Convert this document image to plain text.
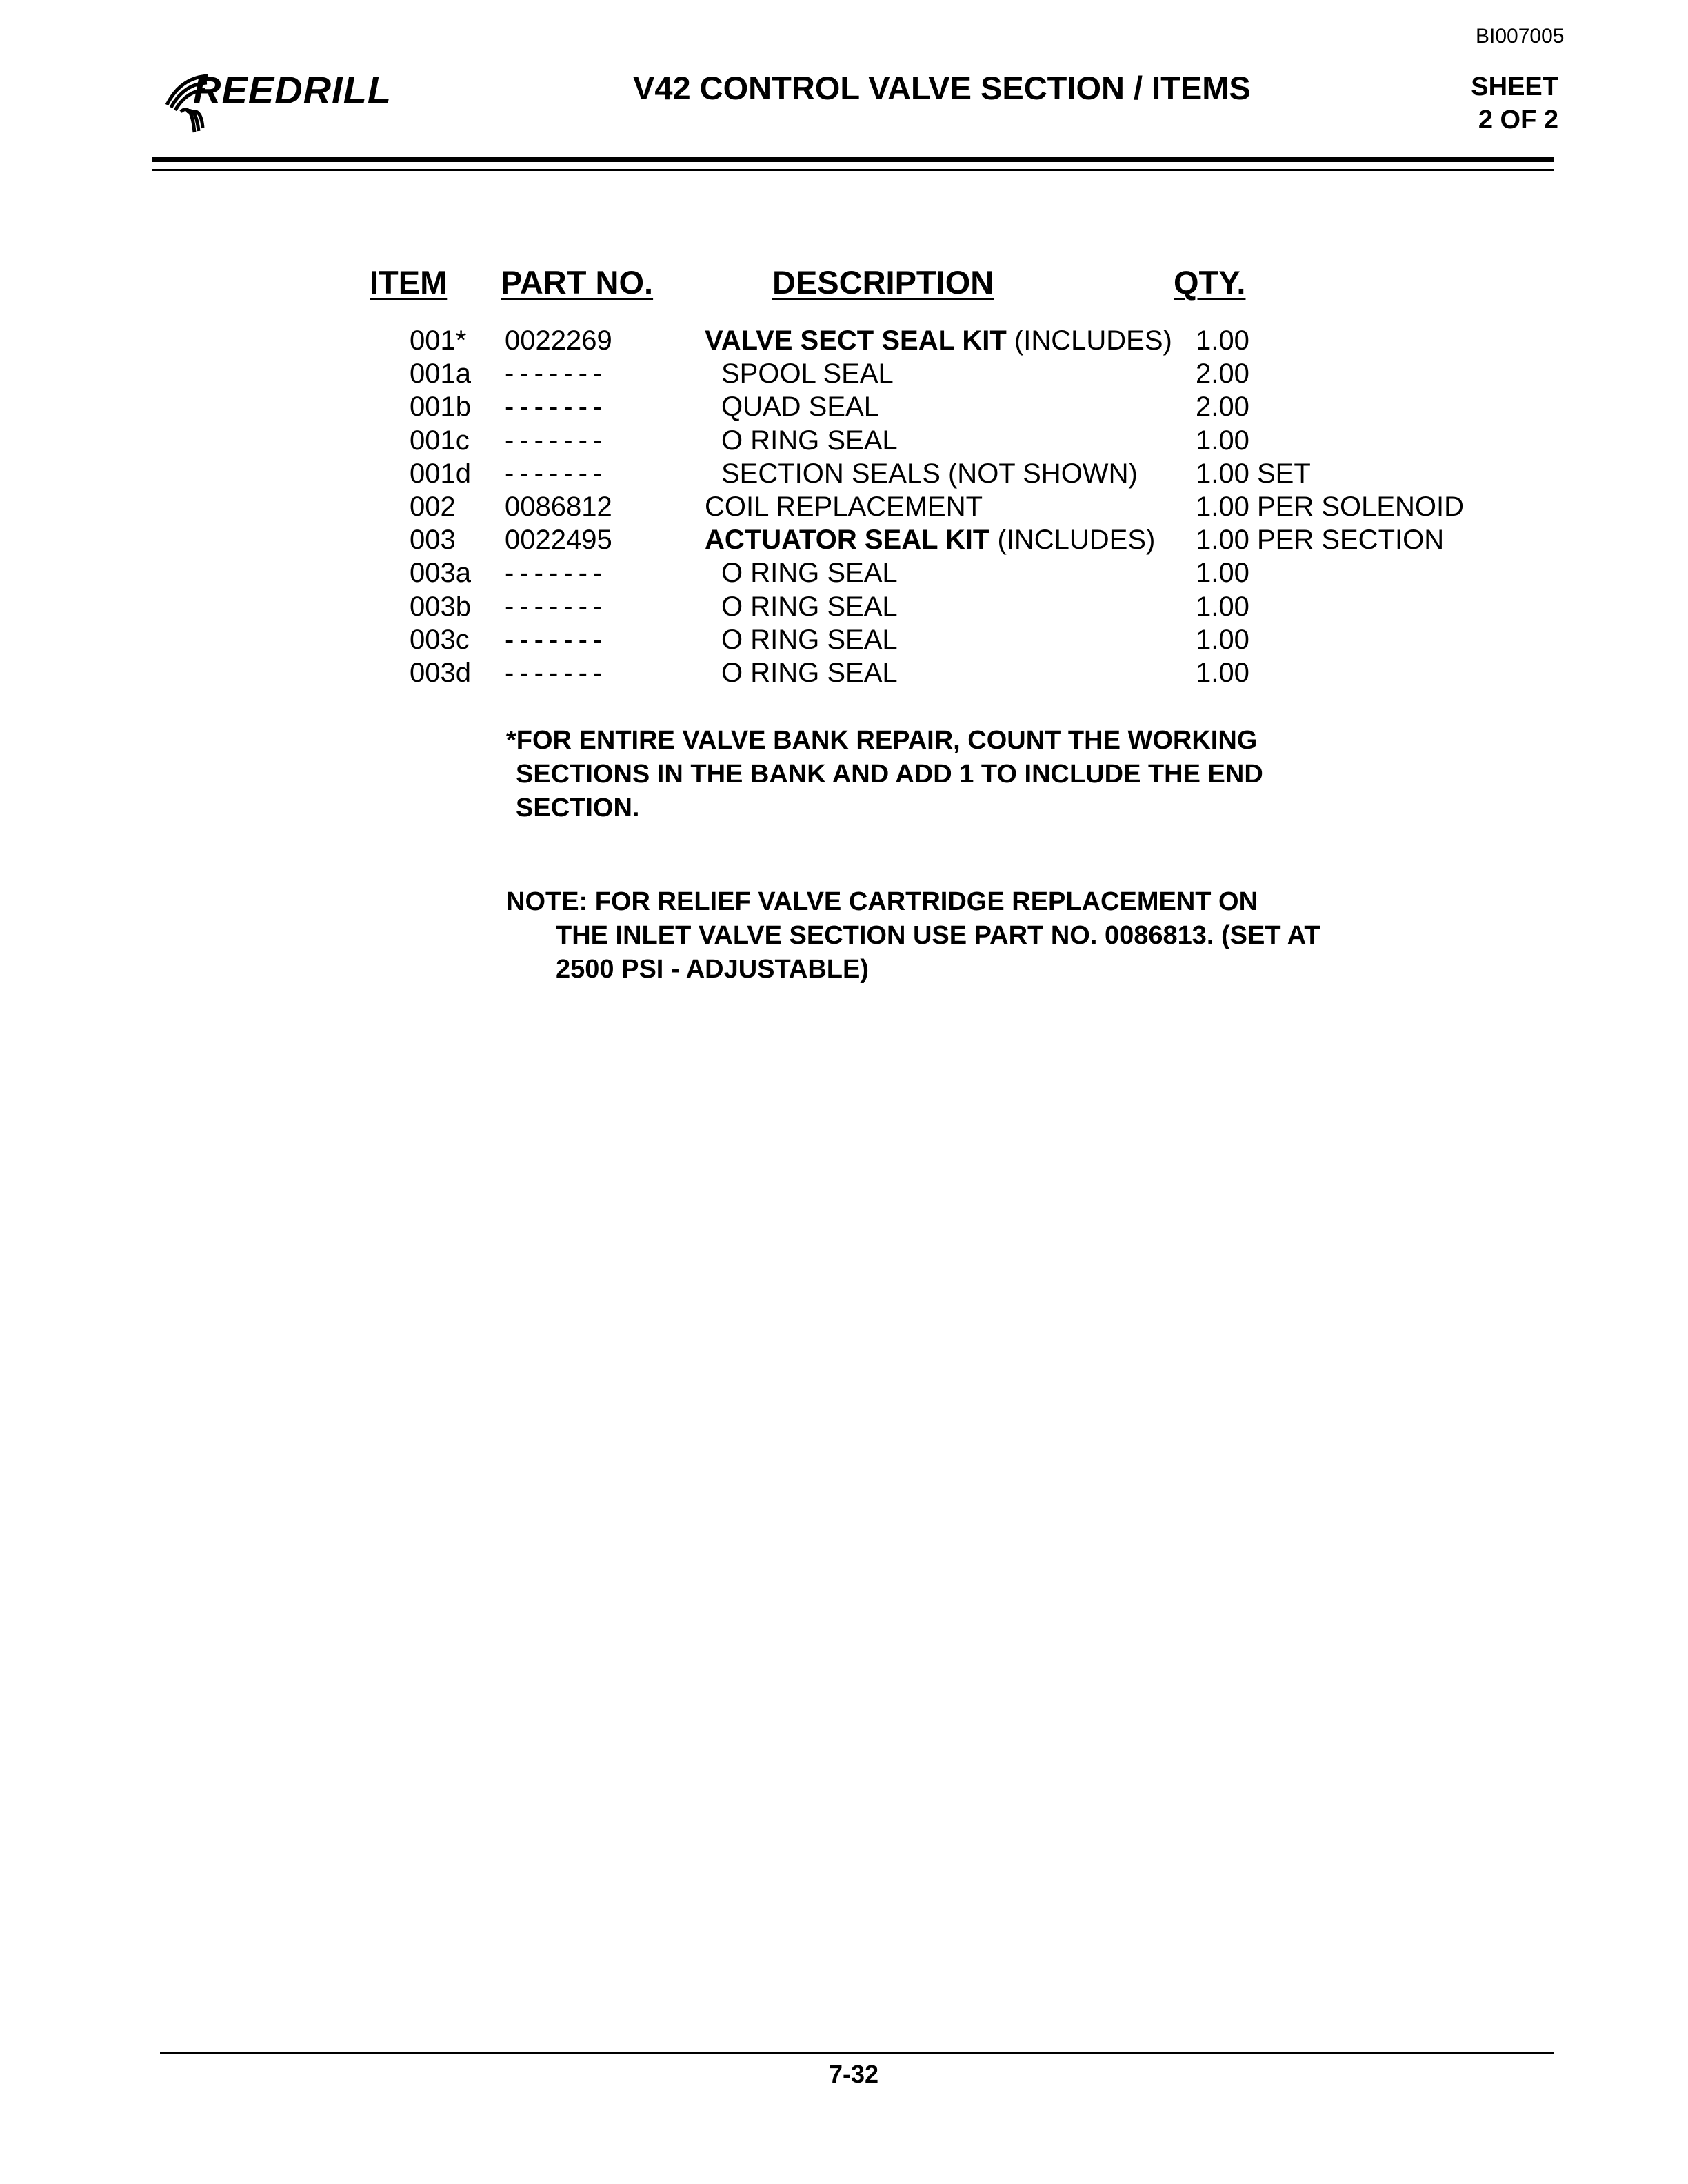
BI007005
REEDRILL	V42 CONTROL VALVE SECTION / ITEMS	SHEET
2 OF 2
ITEM PART NO.	DESCRIPTION	QTY.
001* 0022269	VALVE SECT SEAL KIT (INCLUDES) 1.00
001a -------	SPOOL SEAL	2.00
001b -------	QUAD SEAL	2.00
001c -------	O RING SEAL	1.00
001d -------	SECTION SEALS (NOT SHOWN) 1.00 SET
002 0086812	COIL REPLACEMENT	1.00 PER SOLENOID
003 0022495	ACTUATOR SEAL KIT (INCLUDES) 1.00 PER SECTION
003a -------	O RING SEAL	1.00
003b -------	O RING SEAL	1.00
003c -------	O RING SEAL	1.00
003d -------	O RING SEAL	1.00
*FOR ENTIRE VALVE BANK REPAIR, COUNT THE WORKING
SECTIONS IN THE BANK AND ADD 1 TO INCLUDE THE END
SECTION.
NOTE: FOR RELIEF VALVE CARTRIDGE REPLACEMENT ON
THE INLET VALVE SECTION USE PART NO. 0086813. (SET AT
2500 PSI - ADJUSTABLE)
7-32
